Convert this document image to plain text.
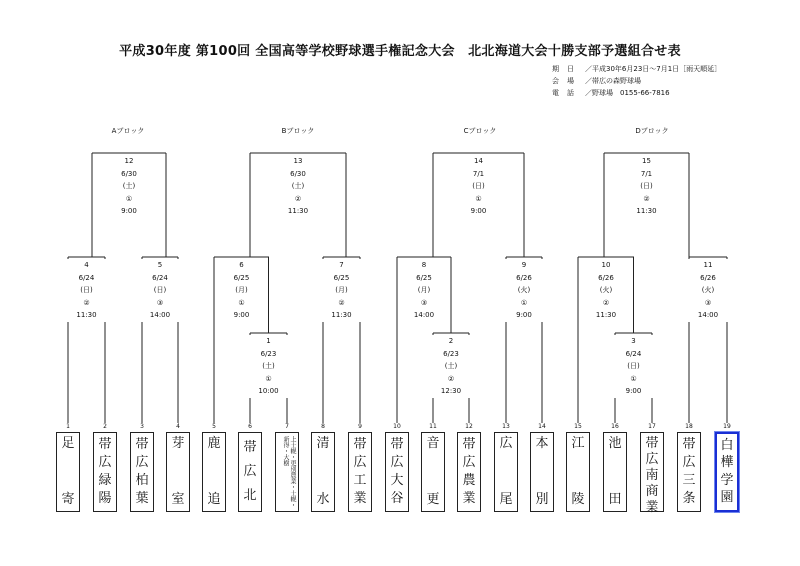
平成30年度 第100回 全国高等学校野球選手権記念大会　北北海道大会十勝支部予選組合せ表
期　日 ／平成30年6月23日～7月1日［雨天順延］
会　場 ／帯広の森野球場
電　話 ／野球場　0155-66-7816
Aブロック	Bブロック	Cブロック	Dブロック
12
6/30
(土)
①
9:00
13
6/30
(土)
②
11:30
14
7/1
(日)
①
9:00
15
7/1
(日)
②
11:30
4
6/24
(日)
②
11:30
5
6/24
(日)
③
14:00
6
6/25
(月)
①
9:00
7
6/25
(月)
②
11:30
8
6/25
(月)
③
14:00
9
6/26
(火)
①
9:00
10
6/26
(火)
②
11:30
11
6/26
(火)
③
14:00
1
6/23
(土)
①
10:00
2
6/23
(土)
②
12:30
3
6/24
(日)
①
9:00
1
足
寄
2
帯
広
緑
陽
3
帯
広
柏
葉
4
芽
室
5
鹿
追
6
帯
広
北
7
上士幌・更別農業・士幌・新得・大樹
8
清
水
9
帯
広
工
業
10
帯
広
大
谷
11
音
更
12
帯
広
農
業
13
広
尾
14
本
別
15
江
陵
16
池
田
17
帯
広
南
商
業
18
帯
広
三
条
19
白
樺
学
園
